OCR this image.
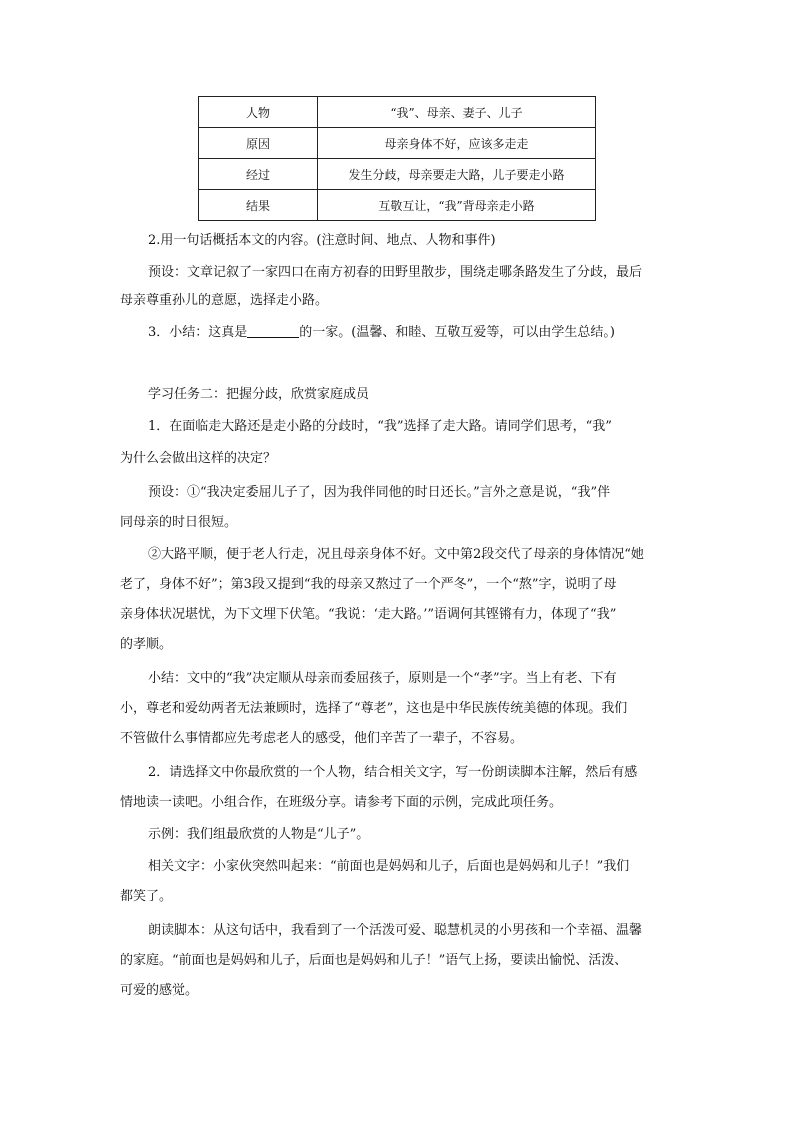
人物	“我”、母亲、妻子、儿子
原因	母亲身体不好，应该多走走
经过	发生分歧，母亲要走大路，儿子要走小路
结果	互敬互让，“我”背母亲走小路
2.用一句话概括本文的内容。(注意时间、地点、人物和事件)
预设：文章记叙了一家四口在南方初春的田野里散步，围绕走哪条路发生了分歧，最后
母亲尊重孙儿的意愿，选择走小路。
3．小结：这真是	的一家。(温馨、和睦、互敬互爱等，可以由学生总结。)
学习任务二：把握分歧，欣赏家庭成员
1．在面临走大路还是走小路的分歧时，“我”选择了走大路。请同学们思考，“我”
为什么会做出这样的决定？
预设：①“我决定委屈儿子了，因为我伴同他的时日还长。”言外之意是说，“我”伴
同母亲的时日很短。
②大路平顺，便于老人行走，况且母亲身体不好。文中第2段交代了母亲的身体情况“她
老了，身体不好”；第3段又提到“我的母亲又熬过了一个严冬”，一个“熬”字，说明了母
亲身体状况堪忧，为下文埋下伏笔。“我说：‘走大路。’”语调何其铿锵有力，体现了“我”
的孝顺。
小结：文中的“我”决定顺从母亲而委屈孩子，原则是一个“孝”字。当上有老、下有
小，尊老和爱幼两者无法兼顾时，选择了“尊老”，这也是中华民族传统美德的体现。我们
不管做什么事情都应先考虑老人的感受，他们辛苦了一辈子，不容易。
2．请选择文中你最欣赏的一个人物，结合相关文字，写一份朗读脚本注解，然后有感
情地读一读吧。小组合作，在班级分享。请参考下面的示例，完成此项任务。
示例：我们组最欣赏的人物是“儿子”。
相关文字：小家伙突然叫起来：“前面也是妈妈和儿子，后面也是妈妈和儿子！”我们
都笑了。
朗读脚本：从这句话中，我看到了一个活泼可爱、聪慧机灵的小男孩和一个幸福、温馨
的家庭。“前面也是妈妈和儿子，后面也是妈妈和儿子！”语气上扬，要读出愉悦、活泼、
可爱的感觉。
